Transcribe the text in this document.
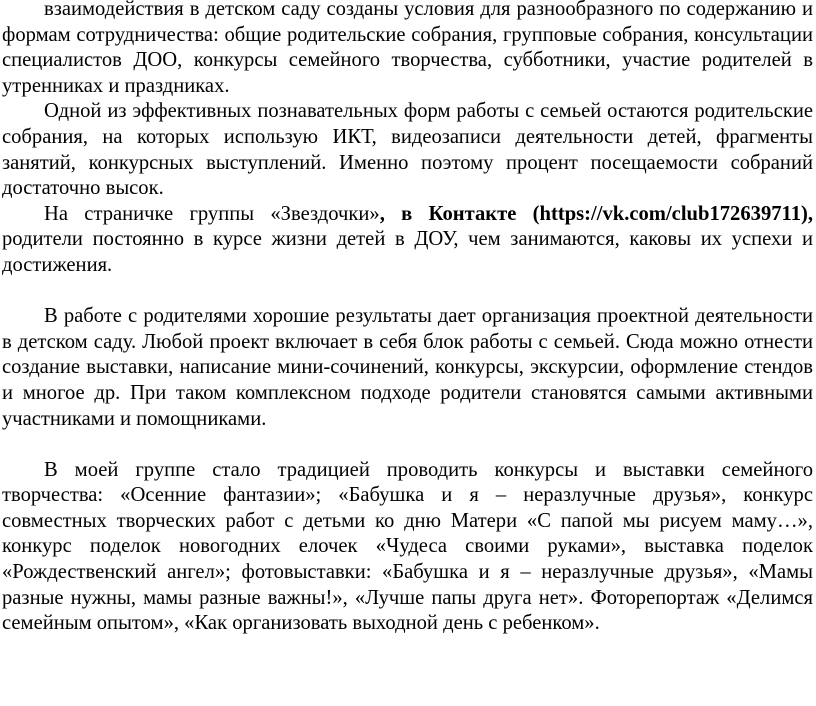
взаимодействия в детском саду созданы условия для разнообразного по содержанию и формам сотрудничества: общие родительские собрания, групповые собрания, консультации специалистов ДОО, конкурсы семейного творчества, субботники, участие родителей в утренниках и праздниках.

Одной из эффективных познавательных форм работы с семьей остаются родительские собрания, на которых использую ИКТ, видеозаписи деятельности детей, фрагменты занятий, конкурсных выступлений. Именно поэтому процент посещаемости собраний достаточно высок.

На страничке группы «Звездочки», в Контакте (https://vk.com/club172639711), родители постоянно в курсе жизни детей в ДОУ, чем занимаются, каковы их успехи и достижения.

В работе с родителями хорошие результаты дает организация проектной деятельности в детском саду. Любой проект включает в себя блок работы с семьей. Сюда можно отнести создание выставки, написание мини-сочинений, конкурсы, экскурсии, оформление стендов и многое др. При таком комплексном подходе родители становятся самыми активными участниками и помощниками.

В моей группе стало традицией проводить конкурсы и выставки семейного творчества: «Осенние фантазии»; «Бабушка и я – неразлучные друзья», конкурс совместных творческих работ с детьми ко дню Матери «С папой мы рисуем маму…», конкурс поделок новогодних елочек «Чудеса своими руками», выставка поделок «Рождественский ангел»; фотовыставки: «Бабушка и я – неразлучные друзья», «Мамы разные нужны, мамы разные важны!», «Лучше папы друга нет». Фоторепортаж «Делимся семейным опытом», «Как организовать выходной день с ребенком».
